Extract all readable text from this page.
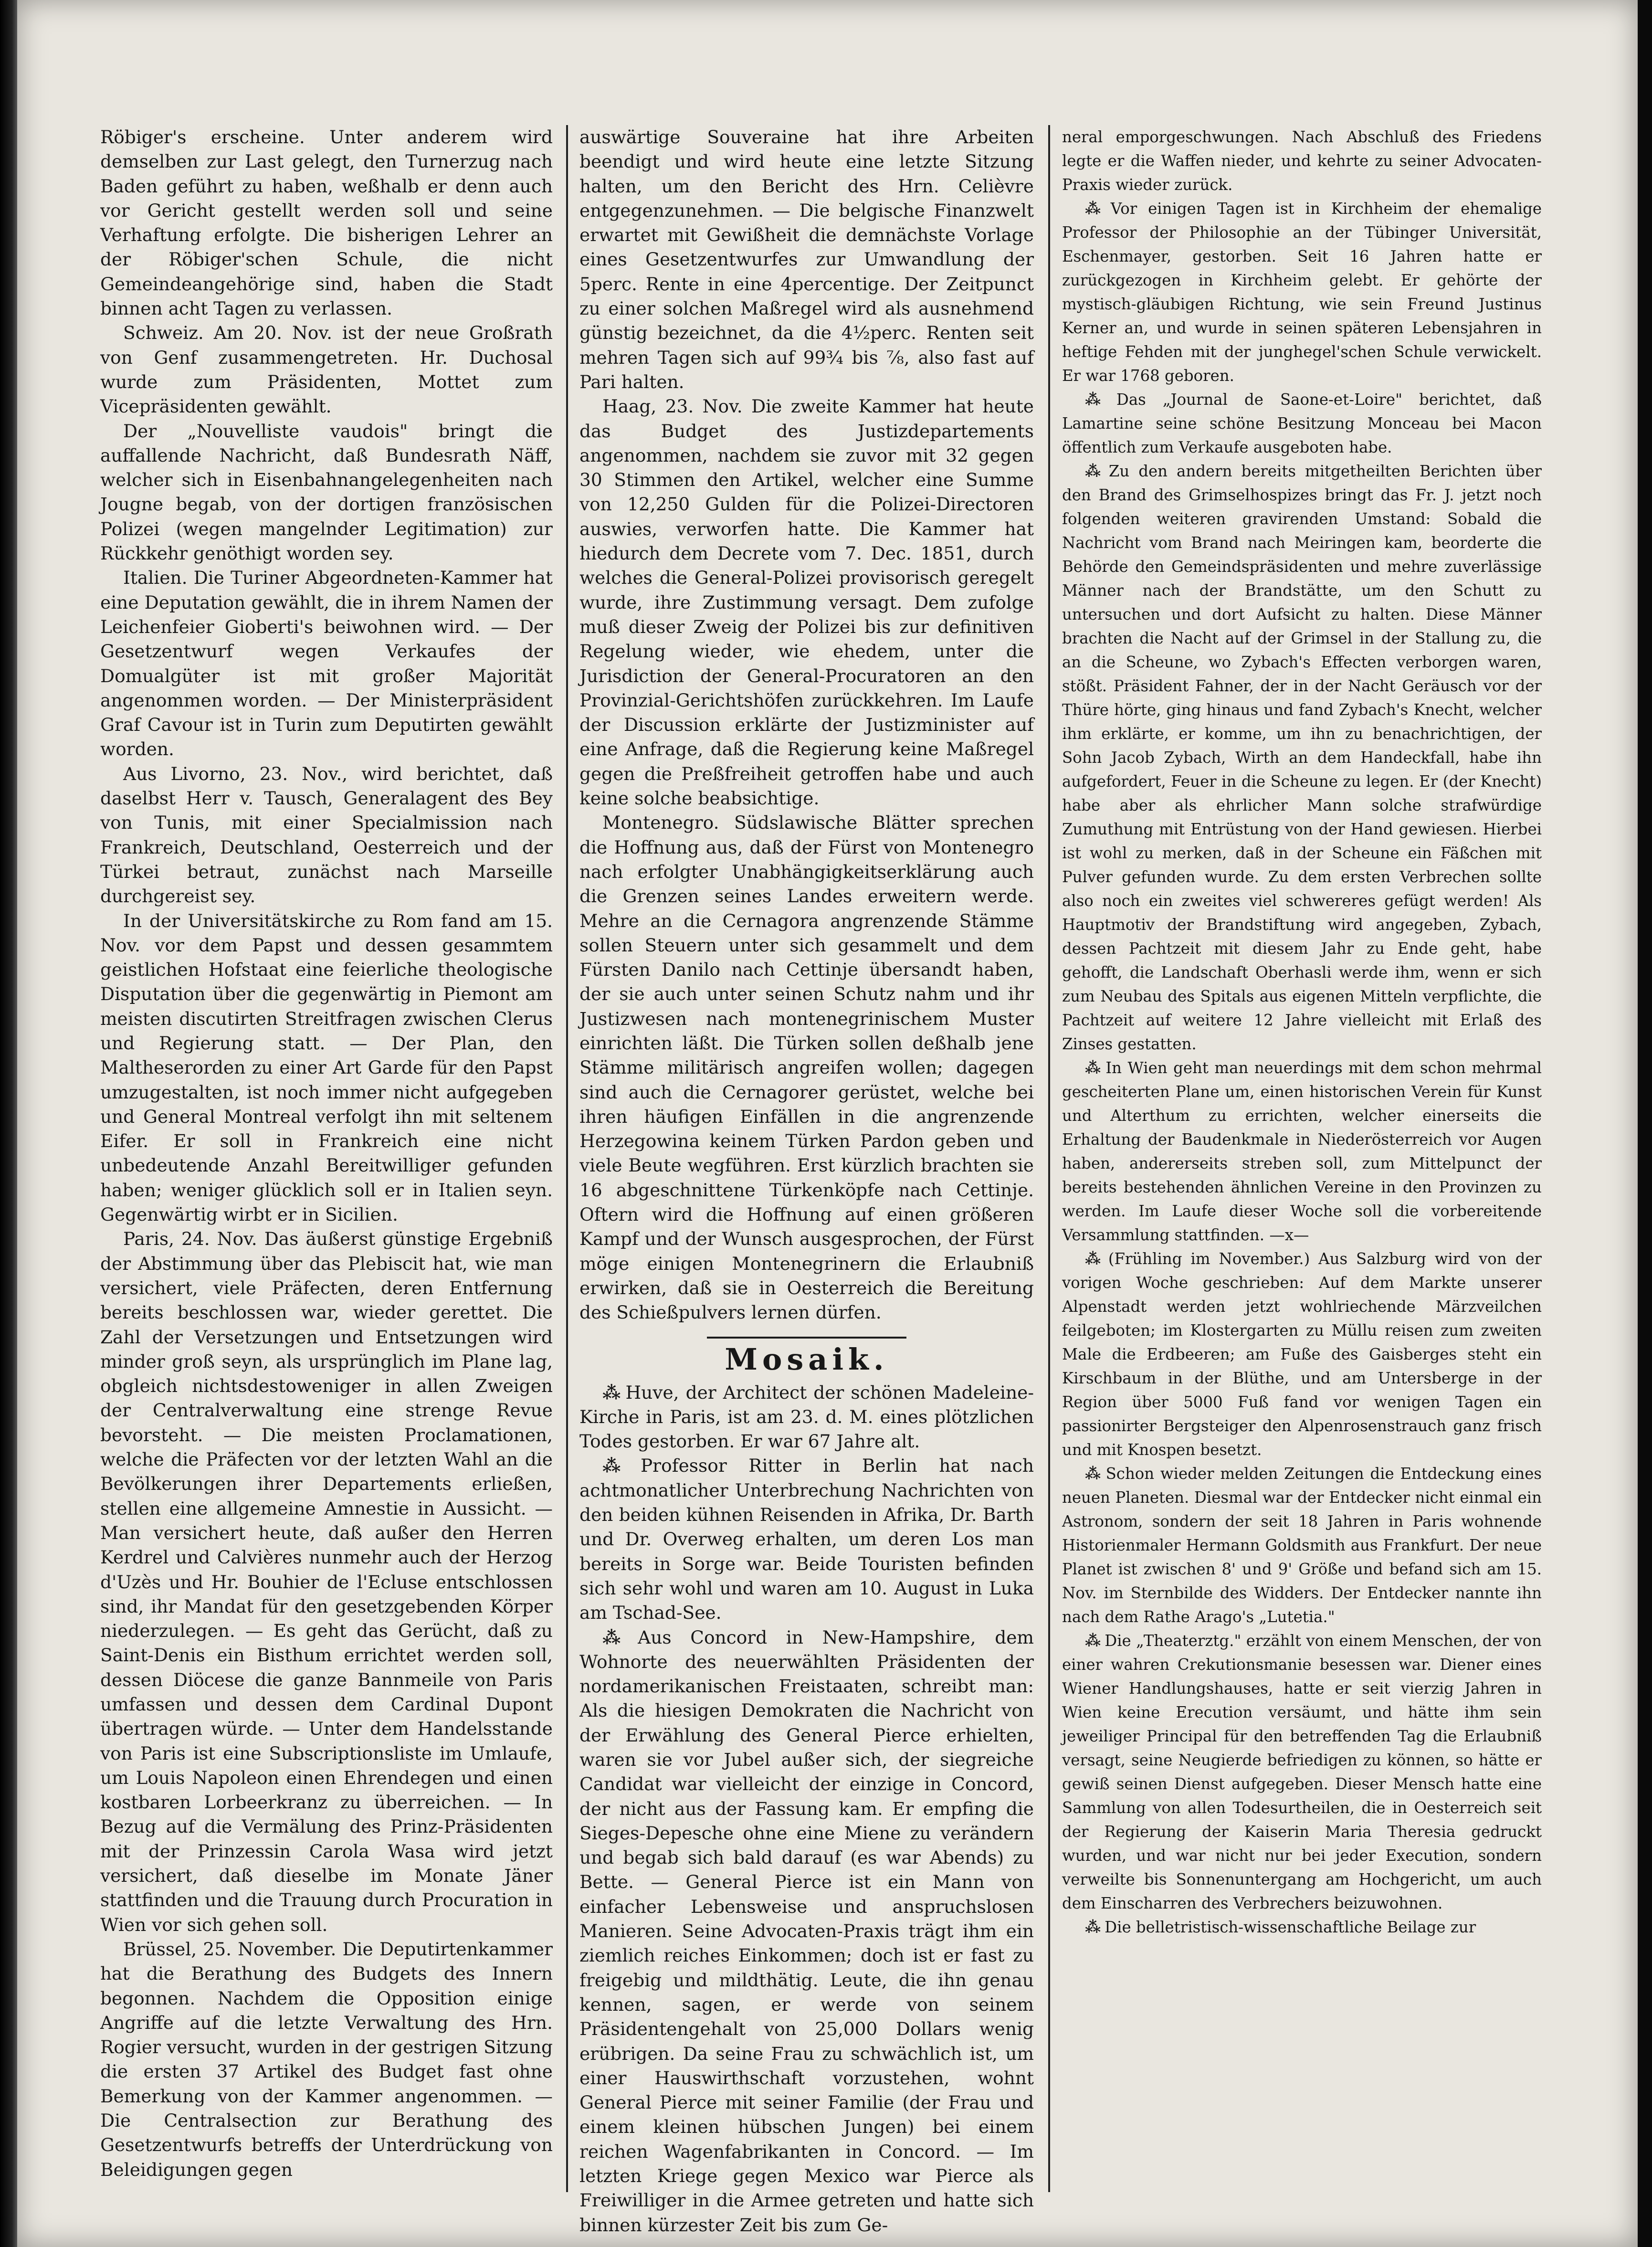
Röbiger's erscheine. Unter anderem wird demselben zur Last gelegt, den Turnerzug nach Baden geführt zu haben, weßhalb er denn auch vor Gericht gestellt werden soll und seine Verhaftung erfolgte. Die bisherigen Lehrer an der Röbiger'schen Schule, die nicht Gemeindeangehörige sind, haben die Stadt binnen acht Tagen zu verlassen.

Schweiz. Am 20. Nov. ist der neue Großrath von Genf zusammengetreten. Hr. Duchosal wurde zum Präsidenten, Mottet zum Vicepräsidenten gewählt.

Der „Nouvelliste vaudois" bringt die auffallende Nachricht, daß Bundesrath Näff, welcher sich in Eisenbahnangelegenheiten nach Jougne begab, von der dortigen französischen Polizei (wegen mangelnder Legitimation) zur Rückkehr genöthigt worden sey.

Italien. Die Turiner Abgeordneten-Kammer hat eine Deputation gewählt, die in ihrem Namen der Leichenfeier Gioberti's beiwohnen wird. — Der Gesetzentwurf wegen Verkaufes der Domualgüter ist mit großer Majorität angenommen worden. — Der Ministerpräsident Graf Cavour ist in Turin zum Deputirten gewählt worden.

Aus Livorno, 23. Nov., wird berichtet, daß daselbst Herr v. Tausch, Generalagent des Bey von Tunis, mit einer Specialmission nach Frankreich, Deutschland, Oesterreich und der Türkei betraut, zunächst nach Marseille durchgereist sey.

In der Universitätskirche zu Rom fand am 15. Nov. vor dem Papst und dessen gesammtem geistlichen Hofstaat eine feierliche theologische Disputation über die gegenwärtig in Piemont am meisten discutirten Streitfragen zwischen Clerus und Regierung statt. — Der Plan, den Maltheserorden zu einer Art Garde für den Papst umzugestalten, ist noch immer nicht aufgegeben und General Montreal verfolgt ihn mit seltenem Eifer. Er soll in Frankreich eine nicht unbedeutende Anzahl Bereitwilliger gefunden haben; weniger glücklich soll er in Italien seyn. Gegenwärtig wirbt er in Sicilien.

Paris, 24. Nov. Das äußerst günstige Ergebniß der Abstimmung über das Plebiscit hat, wie man versichert, viele Präfecten, deren Entfernung bereits beschlossen war, wieder gerettet. Die Zahl der Versetzungen und Entsetzungen wird minder groß seyn, als ursprünglich im Plane lag, obgleich nichtsdestoweniger in allen Zweigen der Centralverwaltung eine strenge Revue bevorsteht. — Die meisten Proclamationen, welche die Präfecten vor der letzten Wahl an die Bevölkerungen ihrer Departements erließen, stellen eine allgemeine Amnestie in Aussicht. — Man versichert heute, daß außer den Herren Kerdrel und Calvières nunmehr auch der Herzog d'Uzès und Hr. Bouhier de l'Ecluse entschlossen sind, ihr Mandat für den gesetzgebenden Körper niederzulegen. — Es geht das Gerücht, daß zu Saint-Denis ein Bisthum errichtet werden soll, dessen Diöcese die ganze Bannmeile von Paris umfassen und dessen dem Cardinal Dupont übertragen würde. — Unter dem Handelsstande von Paris ist eine Subscriptionsliste im Umlaufe, um Louis Napoleon einen Ehrendegen und einen kostbaren Lorbeerkranz zu überreichen. — In Bezug auf die Vermälung des Prinz-Präsidenten mit der Prinzessin Carola Wasa wird jetzt versichert, daß dieselbe im Monate Jäner stattfinden und die Trauung durch Procuration in Wien vor sich gehen soll.

Brüssel, 25. November. Die Deputirtenkammer hat die Berathung des Budgets des Innern begonnen. Nachdem die Opposition einige Angriffe auf die letzte Verwaltung des Hrn. Rogier versucht, wurden in der gestrigen Sitzung die ersten 37 Artikel des Budget fast ohne Bemerkung von der Kammer angenommen. — Die Centralsection zur Berathung des Gesetzentwurfs betreffs der Unterdrückung von Beleidigungen gegen

auswärtige Souveraine hat ihre Arbeiten beendigt und wird heute eine letzte Sitzung halten, um den Bericht des Hrn. Celièvre entgegenzunehmen. — Die belgische Finanzwelt erwartet mit Gewißheit die demnächste Vorlage eines Gesetzentwurfes zur Umwandlung der 5perc. Rente in eine 4percentige. Der Zeitpunct zu einer solchen Maßregel wird als ausnehmend günstig bezeichnet, da die 4½perc. Renten seit mehren Tagen sich auf 99¾ bis ⅞, also fast auf Pari halten.

Haag, 23. Nov. Die zweite Kammer hat heute das Budget des Justizdepartements angenommen, nachdem sie zuvor mit 32 gegen 30 Stimmen den Artikel, welcher eine Summe von 12,250 Gulden für die Polizei-Directoren auswies, verworfen hatte. Die Kammer hat hiedurch dem Decrete vom 7. Dec. 1851, durch welches die General-Polizei provisorisch geregelt wurde, ihre Zustimmung versagt. Dem zufolge muß dieser Zweig der Polizei bis zur definitiven Regelung wieder, wie ehedem, unter die Jurisdiction der General-Procuratoren an den Provinzial-Gerichtshöfen zurückkehren. Im Laufe der Discussion erklärte der Justizminister auf eine Anfrage, daß die Regierung keine Maßregel gegen die Preßfreiheit getroffen habe und auch keine solche beabsichtige.

Montenegro. Südslawische Blätter sprechen die Hoffnung aus, daß der Fürst von Montenegro nach erfolgter Unabhängigkeitserklärung auch die Grenzen seines Landes erweitern werde. Mehre an die Cernagora angrenzende Stämme sollen Steuern unter sich gesammelt und dem Fürsten Danilo nach Cettinje übersandt haben, der sie auch unter seinen Schutz nahm und ihr Justizwesen nach montenegrinischem Muster einrichten läßt. Die Türken sollen deßhalb jene Stämme militärisch angreifen wollen; dagegen sind auch die Cernagorer gerüstet, welche bei ihren häufigen Einfällen in die angrenzende Herzegowina keinem Türken Pardon geben und viele Beute wegführen. Erst kürzlich brachten sie 16 abgeschnittene Türkenköpfe nach Cettinje. Oftern wird die Hoffnung auf einen größeren Kampf und der Wunsch ausgesprochen, der Fürst möge einigen Montenegrinern die Erlaubniß erwirken, daß sie in Oesterreich die Bereitung des Schießpulvers lernen dürfen.

Mosaik.

⁂ Huve, der Architect der schönen Madeleine-Kirche in Paris, ist am 23. d. M. eines plötzlichen Todes gestorben. Er war 67 Jahre alt.

⁂ Professor Ritter in Berlin hat nach achtmonatlicher Unterbrechung Nachrichten von den beiden kühnen Reisenden in Afrika, Dr. Barth und Dr. Overweg erhalten, um deren Los man bereits in Sorge war. Beide Touristen befinden sich sehr wohl und waren am 10. August in Luka am Tschad-See.

⁂ Aus Concord in New-Hampshire, dem Wohnorte des neuerwählten Präsidenten der nordamerikanischen Freistaaten, schreibt man: Als die hiesigen Demokraten die Nachricht von der Erwählung des General Pierce erhielten, waren sie vor Jubel außer sich, der siegreiche Candidat war vielleicht der einzige in Concord, der nicht aus der Fassung kam. Er empfing die Sieges-Depesche ohne eine Miene zu verändern und begab sich bald darauf (es war Abends) zu Bette. — General Pierce ist ein Mann von einfacher Lebensweise und anspruchslosen Manieren. Seine Advocaten-Praxis trägt ihm ein ziemlich reiches Einkommen; doch ist er fast zu freigebig und mildthätig. Leute, die ihn genau kennen, sagen, er werde von seinem Präsidentengehalt von 25,000 Dollars wenig erübrigen. Da seine Frau zu schwächlich ist, um einer Hauswirthschaft vorzustehen, wohnt General Pierce mit seiner Familie (der Frau und einem kleinen hübschen Jungen) bei einem reichen Wagenfabrikanten in Concord. — Im letzten Kriege gegen Mexico war Pierce als Freiwilliger in die Armee getreten und hatte sich binnen kürzester Zeit bis zum Ge-

neral emporgeschwungen. Nach Abschluß des Friedens legte er die Waffen nieder, und kehrte zu seiner Advocaten-Praxis wieder zurück.

⁂ Vor einigen Tagen ist in Kirchheim der ehemalige Professor der Philosophie an der Tübinger Universität, Eschenmayer, gestorben. Seit 16 Jahren hatte er zurückgezogen in Kirchheim gelebt. Er gehörte der mystisch-gläubigen Richtung, wie sein Freund Justinus Kerner an, und wurde in seinen späteren Lebensjahren in heftige Fehden mit der junghegel'schen Schule verwickelt. Er war 1768 geboren.

⁂ Das „Journal de Saone-et-Loire" berichtet, daß Lamartine seine schöne Besitzung Monceau bei Macon öffentlich zum Verkaufe ausgeboten habe.

⁂ Zu den andern bereits mitgetheilten Berichten über den Brand des Grimselhospizes bringt das Fr. J. jetzt noch folgenden weiteren gravirenden Umstand: Sobald die Nachricht vom Brand nach Meiringen kam, beorderte die Behörde den Gemeindspräsidenten und mehre zuverlässige Männer nach der Brandstätte, um den Schutt zu untersuchen und dort Aufsicht zu halten. Diese Männer brachten die Nacht auf der Grimsel in der Stallung zu, die an die Scheune, wo Zybach's Effecten verborgen waren, stößt. Präsident Fahner, der in der Nacht Geräusch vor der Thüre hörte, ging hinaus und fand Zybach's Knecht, welcher ihm erklärte, er komme, um ihn zu benachrichtigen, der Sohn Jacob Zybach, Wirth an dem Handeckfall, habe ihn aufgefordert, Feuer in die Scheune zu legen. Er (der Knecht) habe aber als ehrlicher Mann solche strafwürdige Zumuthung mit Entrüstung von der Hand gewiesen. Hierbei ist wohl zu merken, daß in der Scheune ein Fäßchen mit Pulver gefunden wurde. Zu dem ersten Verbrechen sollte also noch ein zweites viel schwereres gefügt werden! Als Hauptmotiv der Brandstiftung wird angegeben, Zybach, dessen Pachtzeit mit diesem Jahr zu Ende geht, habe gehofft, die Landschaft Oberhasli werde ihm, wenn er sich zum Neubau des Spitals aus eigenen Mitteln verpflichte, die Pachtzeit auf weitere 12 Jahre vielleicht mit Erlaß des Zinses gestatten.

⁂ In Wien geht man neuerdings mit dem schon mehrmal gescheiterten Plane um, einen historischen Verein für Kunst und Alterthum zu errichten, welcher einerseits die Erhaltung der Baudenkmale in Niederösterreich vor Augen haben, andererseits streben soll, zum Mittelpunct der bereits bestehenden ähnlichen Vereine in den Provinzen zu werden. Im Laufe dieser Woche soll die vorbereitende Versammlung stattfinden. —x—

⁂ (Frühling im November.) Aus Salzburg wird von der vorigen Woche geschrieben: Auf dem Markte unserer Alpenstadt werden jetzt wohlriechende Märzveilchen feilgeboten; im Klostergarten zu Müllu reisen zum zweiten Male die Erdbeeren; am Fuße des Gaisberges steht ein Kirschbaum in der Blüthe, und am Untersberge in der Region über 5000 Fuß fand vor wenigen Tagen ein passionirter Bergsteiger den Alpenrosenstrauch ganz frisch und mit Knospen besetzt.

⁂ Schon wieder melden Zeitungen die Entdeckung eines neuen Planeten. Diesmal war der Entdecker nicht einmal ein Astronom, sondern der seit 18 Jahren in Paris wohnende Historienmaler Hermann Goldsmith aus Frankfurt. Der neue Planet ist zwischen 8' und 9' Größe und befand sich am 15. Nov. im Sternbilde des Widders. Der Entdecker nannte ihn nach dem Rathe Arago's „Lutetia."

⁂ Die „Theaterztg." erzählt von einem Menschen, der von einer wahren Crekutionsmanie besessen war. Diener eines Wiener Handlungshauses, hatte er seit vierzig Jahren in Wien keine Erecution versäumt, und hätte ihm sein jeweiliger Principal für den betreffenden Tag die Erlaubniß versagt, seine Neugierde befriedigen zu können, so hätte er gewiß seinen Dienst aufgegeben. Dieser Mensch hatte eine Sammlung von allen Todesurtheilen, die in Oesterreich seit der Regierung der Kaiserin Maria Theresia gedruckt wurden, und war nicht nur bei jeder Execution, sondern verweilte bis Sonnenuntergang am Hochgericht, um auch dem Einscharren des Verbrechers beizuwohnen.

⁂ Die belletristisch-wissenschaftliche Beilage zur
